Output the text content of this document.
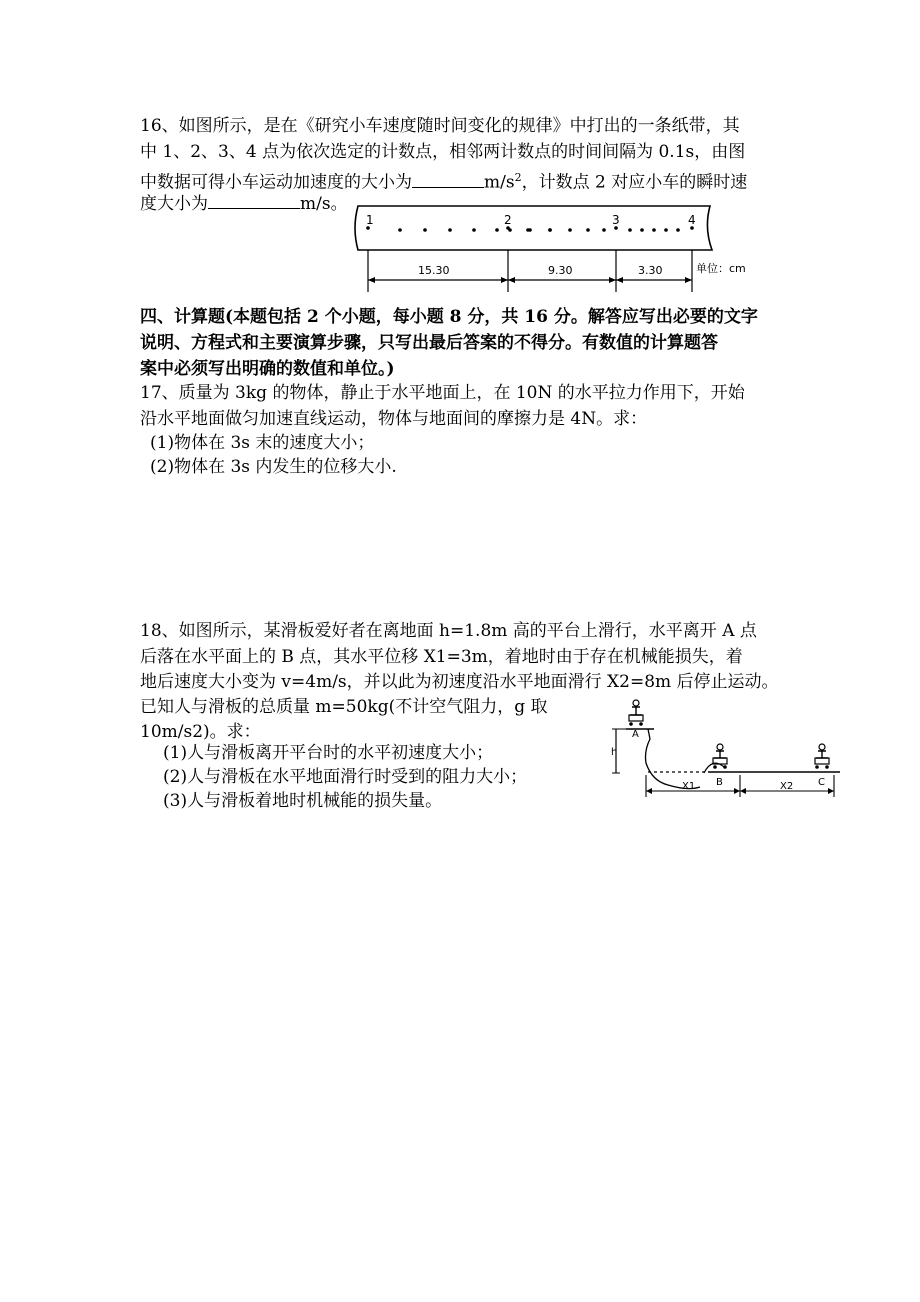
16、如图所示，是在《研究小车速度随时间变化的规律》中打出的一条纸带，其
中 1、2、3、4 点为依次选定的计数点，相邻两计数点的时间间隔为 0.1s，由图
中数据可得小车运动加速度的大小为	$m/s^2$，计数点 2 对应小车的瞬时速
度大小为	m/s。
1	2	3	4
15.30	9.30	3.30	单位：cm
四、计算题(本题包括 2 个小题，每小题 8 分，共 16 分。解答应写出必要的文字
说明、方程式和主要演算步骤，只写出最后答案的不得分。有数值的计算题答
案中必须写出明确的数值和单位。)
17、质量为 3kg 的物体，静止于水平地面上，在 10N 的水平拉力作用下，开始
沿水平地面做匀加速直线运动，物体与地面间的摩擦力是 4N。求：
(1)物体在 3s 末的速度大小；
(2)物体在 3s 内发生的位移大小.
18、如图所示，某滑板爱好者在离地面 h=1.8m 高的平台上滑行，水平离开 A 点
后落在水平面上的 B 点，其水平位移 X1=3m，着地时由于存在机械能损失，着
地后速度大小变为 v=4m/s，并以此为初速度沿水平地面滑行 X2=8m 后停止运动。
已知人与滑板的总质量 m=50kg(不计空气阻力，g 取
10m/s2)。求：
(1)人与滑板离开平台时的水平初速度大小；
(2)人与滑板在水平地面滑行时受到的阻力大小；
(3)人与滑板着地时机械能的损失量。
A
h
B	C
X1	X2
